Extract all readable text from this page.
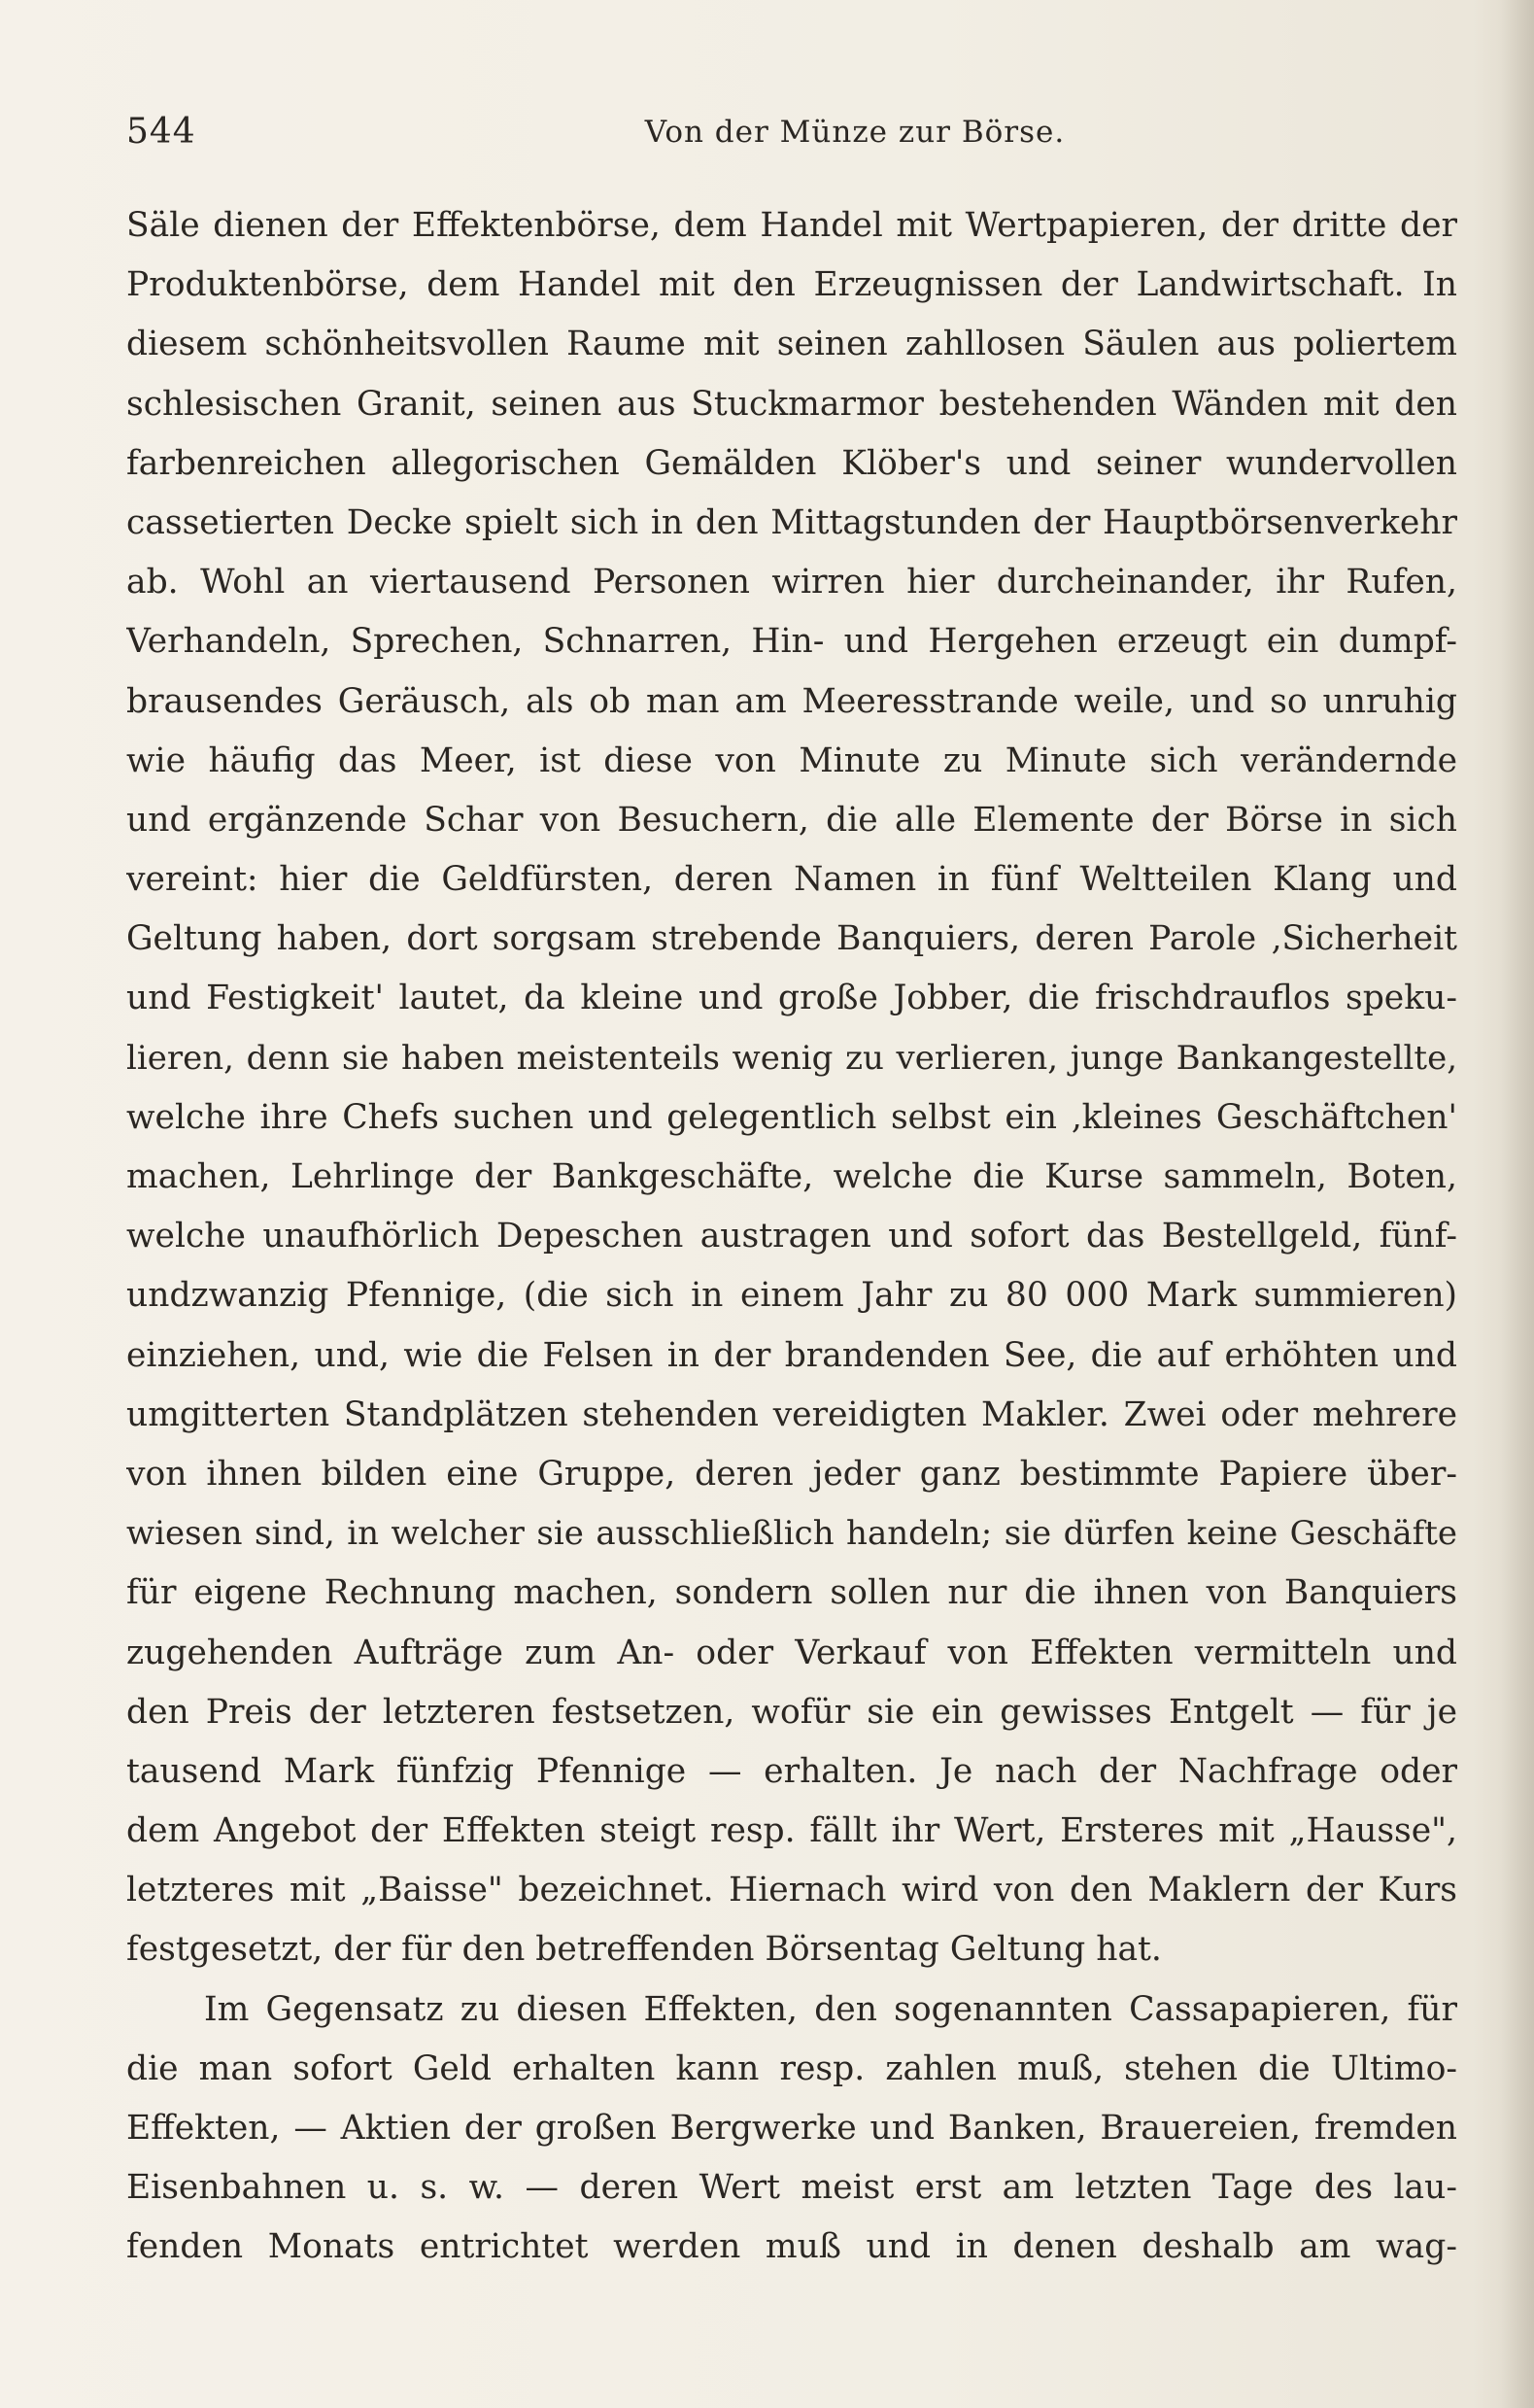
544	Von der Münze zur Börse.
Säle dienen der Effektenbörse, dem Handel mit Wertpapieren, der dritte der
Produktenbörse, dem Handel mit den Erzeugnissen der Landwirtschaft. In
diesem schönheitsvollen Raume mit seinen zahllosen Säulen aus poliertem
schlesischen Granit, seinen aus Stuckmarmor bestehenden Wänden mit den
farbenreichen allegorischen Gemälden Klöber's und seiner wundervollen
cassetierten Decke spielt sich in den Mittagstunden der Hauptbörsenverkehr
ab. Wohl an viertausend Personen wirren hier durcheinander, ihr Rufen,
Verhandeln, Sprechen, Schnarren, Hin- und Hergehen erzeugt ein dumpf-
brausendes Geräusch, als ob man am Meeresstrande weile, und so unruhig
wie häufig das Meer, ist diese von Minute zu Minute sich verändernde
und ergänzende Schar von Besuchern, die alle Elemente der Börse in sich
vereint: hier die Geldfürsten, deren Namen in fünf Weltteilen Klang und
Geltung haben, dort sorgsam strebende Banquiers, deren Parole ‚Sicherheit
und Festigkeit' lautet, da kleine und große Jobber, die frischdrauflos speku-
lieren, denn sie haben meistenteils wenig zu verlieren, junge Bankangestellte,
welche ihre Chefs suchen und gelegentlich selbst ein ‚kleines Geschäftchen'
machen, Lehrlinge der Bankgeschäfte, welche die Kurse sammeln, Boten,
welche unaufhörlich Depeschen austragen und sofort das Bestellgeld, fünf-
undzwanzig Pfennige, (die sich in einem Jahr zu 80 000 Mark summieren)
einziehen, und, wie die Felsen in der brandenden See, die auf erhöhten und
umgitterten Standplätzen stehenden vereidigten Makler. Zwei oder mehrere
von ihnen bilden eine Gruppe, deren jeder ganz bestimmte Papiere über-
wiesen sind, in welcher sie ausschließlich handeln; sie dürfen keine Geschäfte
für eigene Rechnung machen, sondern sollen nur die ihnen von Banquiers
zugehenden Aufträge zum An- oder Verkauf von Effekten vermitteln und
den Preis der letzteren festsetzen, wofür sie ein gewisses Entgelt — für je
tausend Mark fünfzig Pfennige — erhalten. Je nach der Nachfrage oder
dem Angebot der Effekten steigt resp. fällt ihr Wert, Ersteres mit „Hausse",
letzteres mit „Baisse" bezeichnet. Hiernach wird von den Maklern der Kurs
festgesetzt, der für den betreffenden Börsentag Geltung hat.
Im Gegensatz zu diesen Effekten, den sogenannten Cassapapieren, für
die man sofort Geld erhalten kann resp. zahlen muß, stehen die Ultimo-
Effekten, — Aktien der großen Bergwerke und Banken, Brauereien, fremden
Eisenbahnen u. s. w. — deren Wert meist erst am letzten Tage des lau-
fenden Monats entrichtet werden muß und in denen deshalb am wag-
